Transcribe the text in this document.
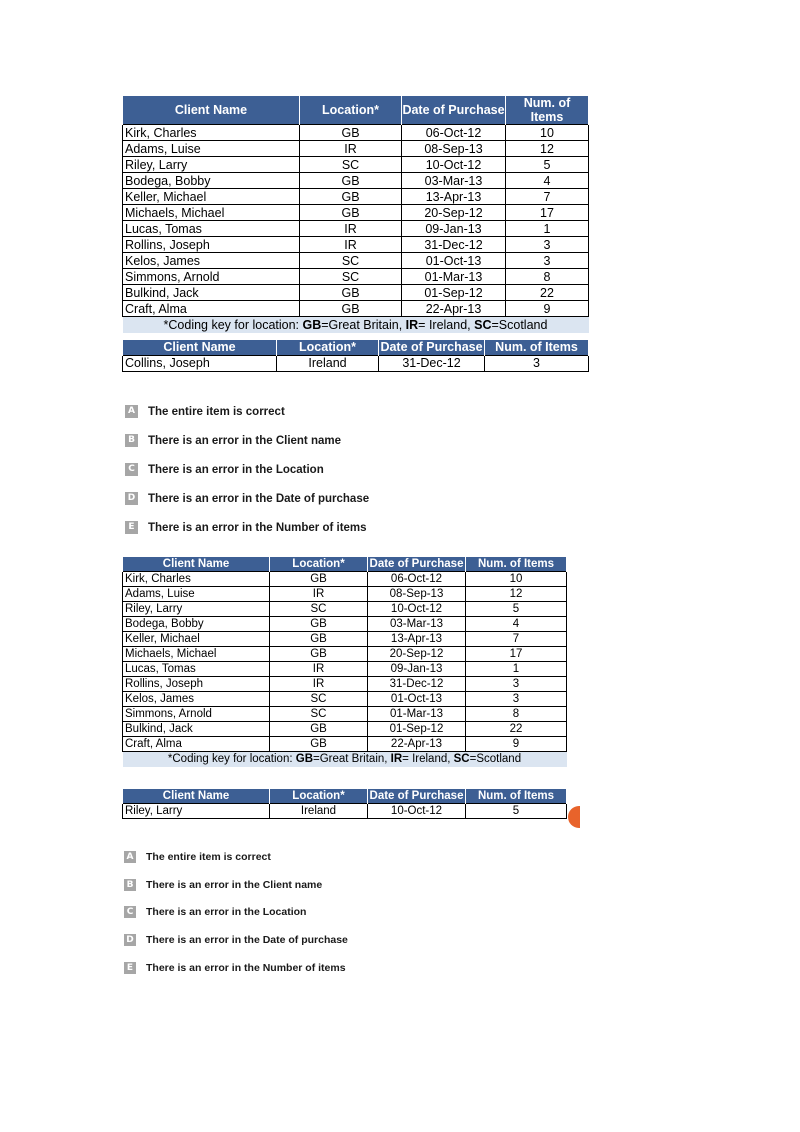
Client Name	Location*	Date of Purchase	Num. of Items
Kirk, Charles	GB	06-Oct-12	10
Adams, Luise	IR	08-Sep-13	12
Riley, Larry	SC	10-Oct-12	5
Bodega, Bobby	GB	03-Mar-13	4
Keller, Michael	GB	13-Apr-13	7
Michaels, Michael	GB	20-Sep-12	17
Lucas, Tomas	IR	09-Jan-13	1
Rollins, Joseph	IR	31-Dec-12	3
Kelos, James	SC	01-Oct-13	3
Simmons, Arnold	SC	01-Mar-13	8
Bulkind, Jack	GB	01-Sep-12	22
Craft, Alma	GB	22-Apr-13	9
*Coding key for location: GB=Great Britain, IR= Ireland, SC=Scotland			
Client Name	Location*	Date of Purchase	Num. of Items
Collins, Joseph	Ireland	31-Dec-12	3
A The entire item is correct
B There is an error in the Client name
C There is an error in the Location
D There is an error in the Date of purchase
E There is an error in the Number of items
Client Name	Location*	Date of Purchase	Num. of Items
Kirk, Charles	GB	06-Oct-12	10
Adams, Luise	IR	08-Sep-13	12
Riley, Larry	SC	10-Oct-12	5
Bodega, Bobby	GB	03-Mar-13	4
Keller, Michael	GB	13-Apr-13	7
Michaels, Michael	GB	20-Sep-12	17
Lucas, Tomas	IR	09-Jan-13	1
Rollins, Joseph	IR	31-Dec-12	3
Kelos, James	SC	01-Oct-13	3
Simmons, Arnold	SC	01-Mar-13	8
Bulkind, Jack	GB	01-Sep-12	22
Craft, Alma	GB	22-Apr-13	9
*Coding key for location: GB=Great Britain, IR= Ireland, SC=Scotland			
Client Name	Location*	Date of Purchase	Num. of Items
Riley, Larry	Ireland	10-Oct-12	5
A The entire item is correct
B There is an error in the Client name
C There is an error in the Location
D There is an error in the Date of purchase
E There is an error in the Number of items
